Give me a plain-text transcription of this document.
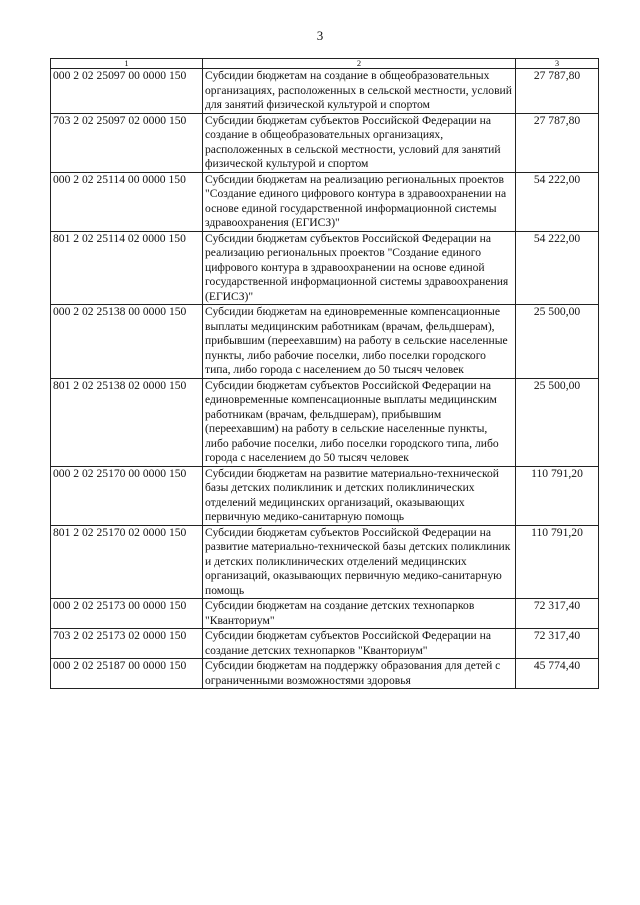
3
1	2	3
000 2 02 25097 00 0000 150	Субсидии бюджетам на создание в общеобразовательных организациях, расположенных в сельской местности, условий для занятий физической культурой и спортом	27 787,80
703 2 02 25097 02 0000 150	Субсидии бюджетам субъектов Российской Федерации на создание в общеобразовательных организациях, расположенных в сельской местности, условий для занятий физической культурой и спортом	27 787,80
000 2 02 25114 00 0000 150	Субсидии бюджетам на реализацию региональных проектов "Создание единого цифрового контура в здравоохранении на основе единой государственной информационной системы здравоохранения (ЕГИСЗ)"	54 222,00
801 2 02 25114 02 0000 150	Субсидии бюджетам субъектов Российской Федерации на реализацию региональных проектов "Создание единого цифрового контура в здравоохранении на основе единой государственной информационной системы здравоохранения (ЕГИСЗ)"	54 222,00
000 2 02 25138 00 0000 150	Субсидии бюджетам на единовременные компенсационные выплаты медицинским работникам (врачам, фельдшерам), прибывшим (переехавшим) на работу в сельские населенные пункты, либо рабочие поселки, либо поселки городского типа, либо города с населением до 50 тысяч человек	25 500,00
801 2 02 25138 02 0000 150	Субсидии бюджетам субъектов Российской Федерации на единовременные компенсационные выплаты медицинским работникам (врачам, фельдшерам), прибывшим (переехавшим) на работу в сельские населенные пункты, либо рабочие поселки, либо поселки городского типа, либо города с населением до 50 тысяч человек	25 500,00
000 2 02 25170 00 0000 150	Субсидии бюджетам на развитие материально-технической базы детских поликлиник и детских поликлинических отделений медицинских организаций, оказывающих первичную медико-санитарную помощь	110 791,20
801 2 02 25170 02 0000 150	Субсидии бюджетам субъектов Российской Федерации на развитие материально-технической базы детских поликлиник и детских поликлинических отделений медицинских организаций, оказывающих первичную медико-санитарную помощь	110 791,20
000 2 02 25173 00 0000 150	Субсидии бюджетам на создание детских технопарков "Кванториум"	72 317,40
703 2 02 25173 02 0000 150	Субсидии бюджетам субъектов Российской Федерации на создание детских технопарков "Кванториум"	72 317,40
000 2 02 25187 00 0000 150	Субсидии бюджетам на поддержку образования для детей с ограниченными возможностями здоровья	45 774,40
